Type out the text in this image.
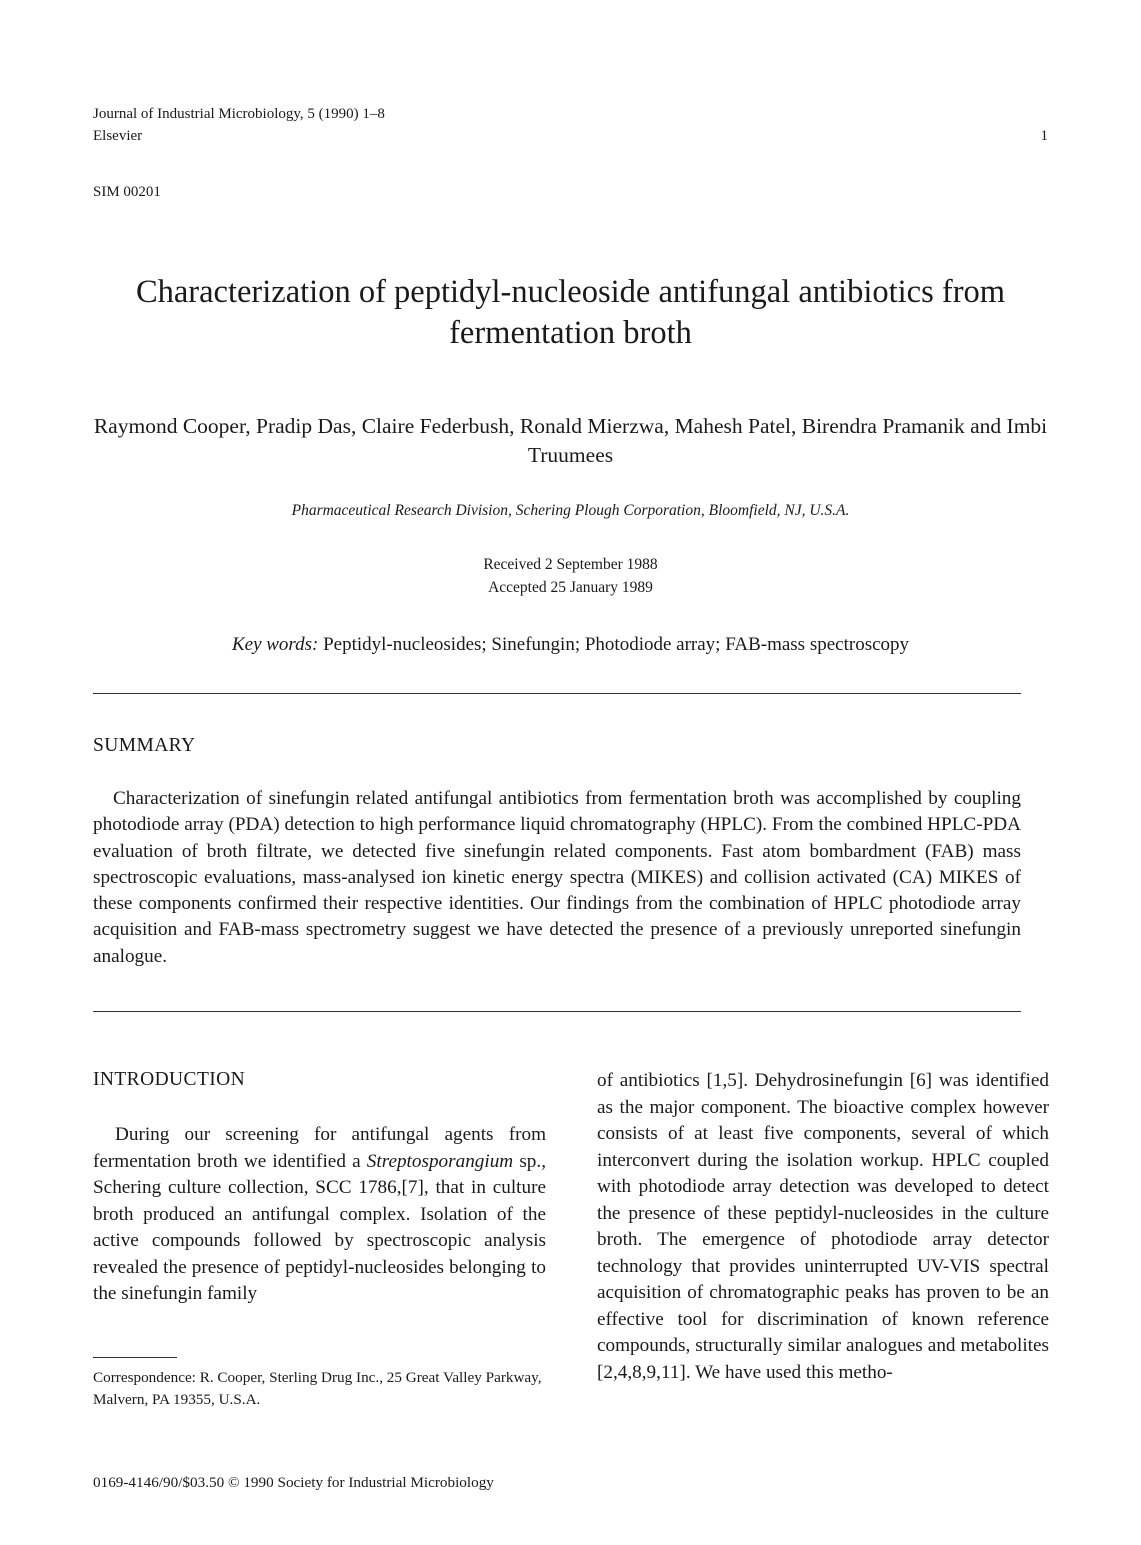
Journal of Industrial Microbiology, 5 (1990) 1–8
Elsevier	1
SIM 00201
Characterization of peptidyl-nucleoside antifungal antibiotics from fermentation broth
Raymond Cooper, Pradip Das, Claire Federbush, Ronald Mierzwa, Mahesh Patel, Birendra Pramanik and Imbi Truumees
Pharmaceutical Research Division, Schering Plough Corporation, Bloomfield, NJ, U.S.A.
Received 2 September 1988
Accepted 25 January 1989
Key words: Peptidyl-nucleosides; Sinefungin; Photodiode array; FAB-mass spectroscopy
SUMMARY

Characterization of sinefungin related antifungal antibiotics from fermentation broth was accomplished by coupling photodiode array (PDA) detection to high performance liquid chromatography (HPLC). From the combined HPLC-PDA evaluation of broth filtrate, we detected five sinefungin related components. Fast atom bombardment (FAB) mass spectroscopic evaluations, mass-analysed ion kinetic energy spectra (MIKES) and collision activated (CA) MIKES of these components confirmed their respective identities. Our findings from the combination of HPLC photodiode array acquisition and FAB-mass spectrometry suggest we have detected the presence of a previously unreported sinefungin analogue.

INTRODUCTION

During our screening for antifungal agents from fermentation broth we identified a Streptosporangium sp., Schering culture collection, SCC 1786,[7], that in culture broth produced an antifungal complex. Isolation of the active compounds followed by spectroscopic analysis revealed the presence of peptidyl-nucleosides belonging to the sinefungin family

of antibiotics [1,5]. Dehydrosinefungin [6] was identified as the major component. The bioactive complex however consists of at least five components, several of which interconvert during the isolation workup. HPLC coupled with photodiode array detection was developed to detect the presence of these peptidyl-nucleosides in the culture broth. The emergence of photodiode array detector technology that provides uninterrupted UV-VIS spectral acquisition of chromatographic peaks has proven to be an effective tool for discrimination of known reference compounds, structurally similar analogues and metabolites [2,4,8,9,11]. We have used this metho-

Correspondence: R. Cooper, Sterling Drug Inc., 25 Great Valley Parkway, Malvern, PA 19355, U.S.A.

0169-4146/90/$03.50 © 1990 Society for Industrial Microbiology
